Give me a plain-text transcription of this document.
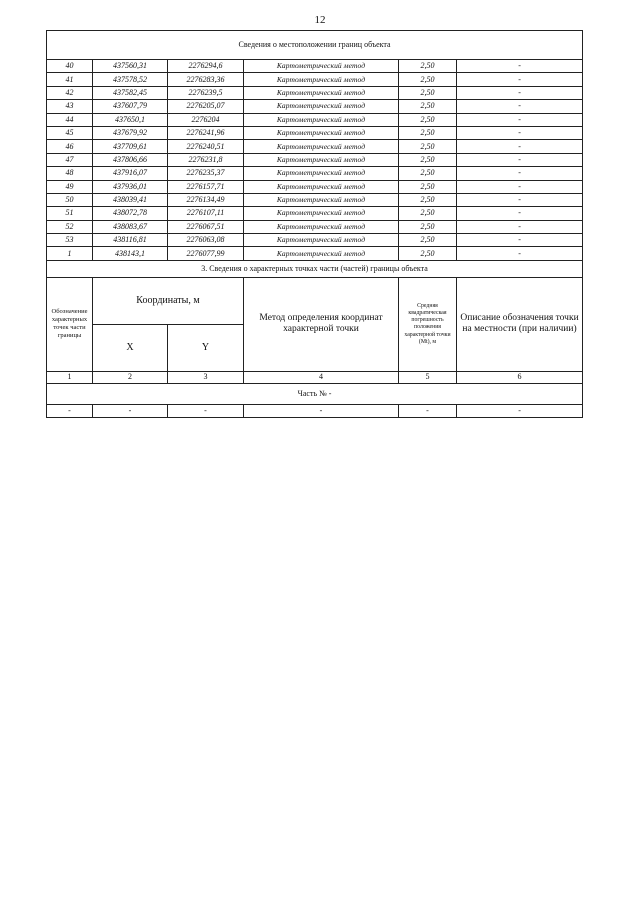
12
Сведения о местоположении границ объекта					
40	437560,31	2276294,6	Картометрический метод	2,50	-
41	437578,52	2276283,36	Картометрический метод	2,50	-
42	437582,45	2276239,5	Картометрический метод	2,50	-
43	437607,79	2276205,07	Картометрический метод	2,50	-
44	437650,1	2276204	Картометрический метод	2,50	-
45	437679,92	2276241,96	Картометрический метод	2,50	-
46	437709,61	2276240,51	Картометрический метод	2,50	-
47	437806,66	2276231,8	Картометрический метод	2,50	-
48	437916,07	2276235,37	Картометрический метод	2,50	-
49	437936,01	2276157,71	Картометрический метод	2,50	-
50	438039,41	2276134,49	Картометрический метод	2,50	-
51	438072,78	2276107,11	Картометрический метод	2,50	-
52	438083,67	2276067,51	Картометрический метод	2,50	-
53	438116,81	2276063,08	Картометрический метод	2,50	-
1	438143,1	2276077,99	Картометрический метод	2,50	-
3. Сведения о характерных точках части (частей) границы объекта					
Обозначение характерных точек части границы	Координаты, м		Метод определения координат характерной точки	Средняя квадратическая погрешность положения характерной точки (Мt), м	Описание обозначения точки на местности (при наличии)
	X	Y			
1	2	3	4	5	6
Часть № -					
-	-	-	-	-	-
